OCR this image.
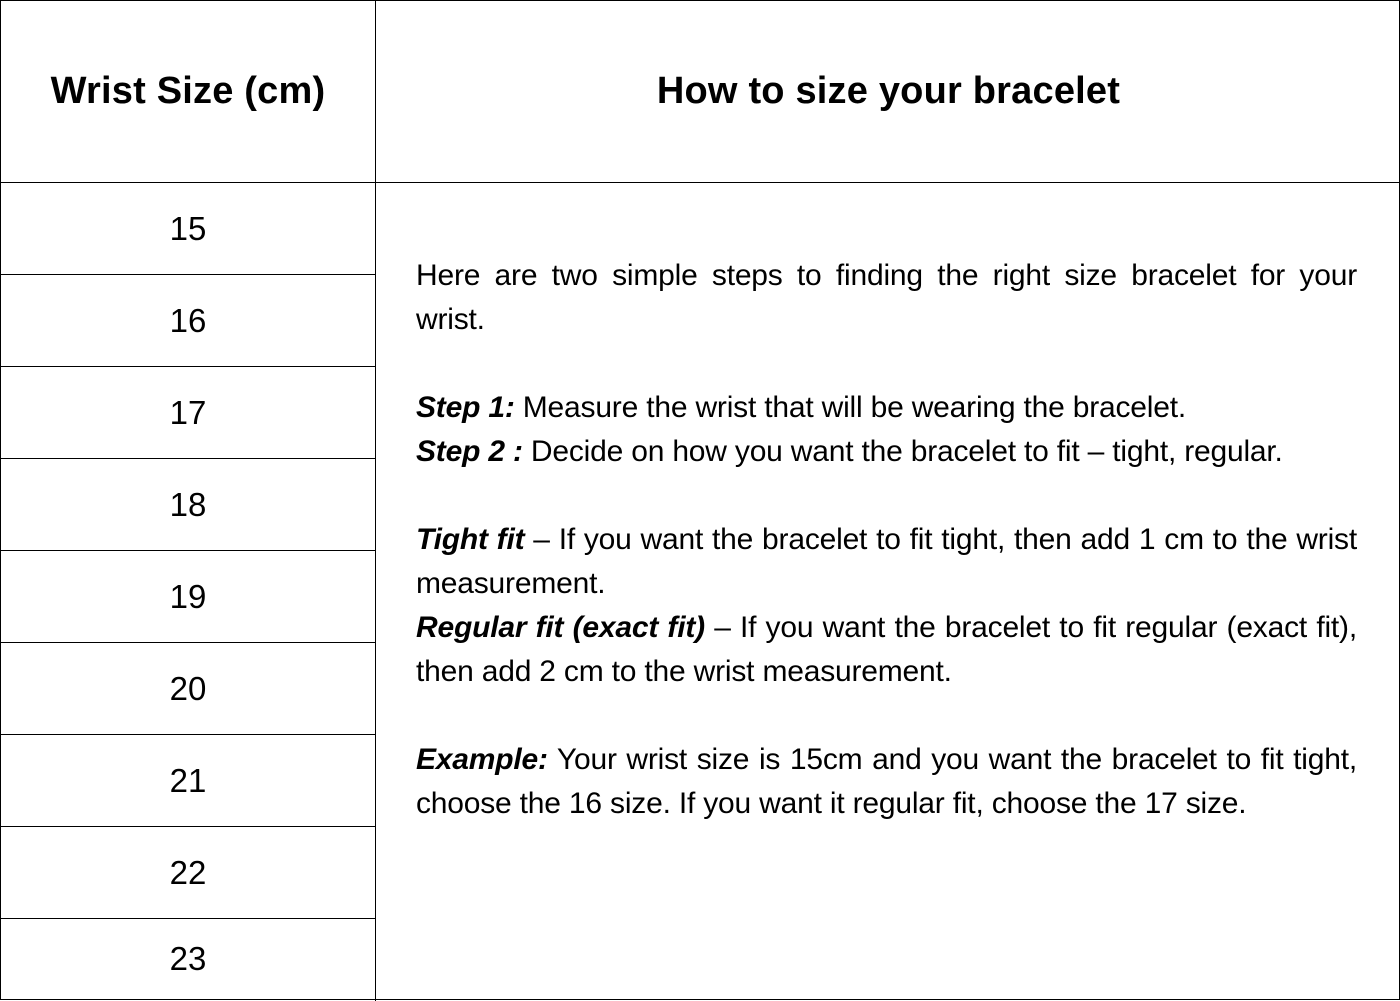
Wrist Size (cm)	How to size your bracelet
15
16
17
18
19
20
21
22
23

Here are two simple steps to finding the right size bracelet for your wrist.

Step 1: Measure the wrist that will be wearing the bracelet.

Step 2 : Decide on how you want the bracelet to fit – tight, regular.

Tight fit – If you want the bracelet to fit tight, then add 1 cm to the wrist measurement.

Regular fit (exact fit) – If you want the bracelet to fit regular (exact fit), then add 2 cm to the wrist measurement.

Example: Your wrist size is 15cm and you want the bracelet to fit tight, choose the 16 size. If you want it regular fit, choose the 17 size.
